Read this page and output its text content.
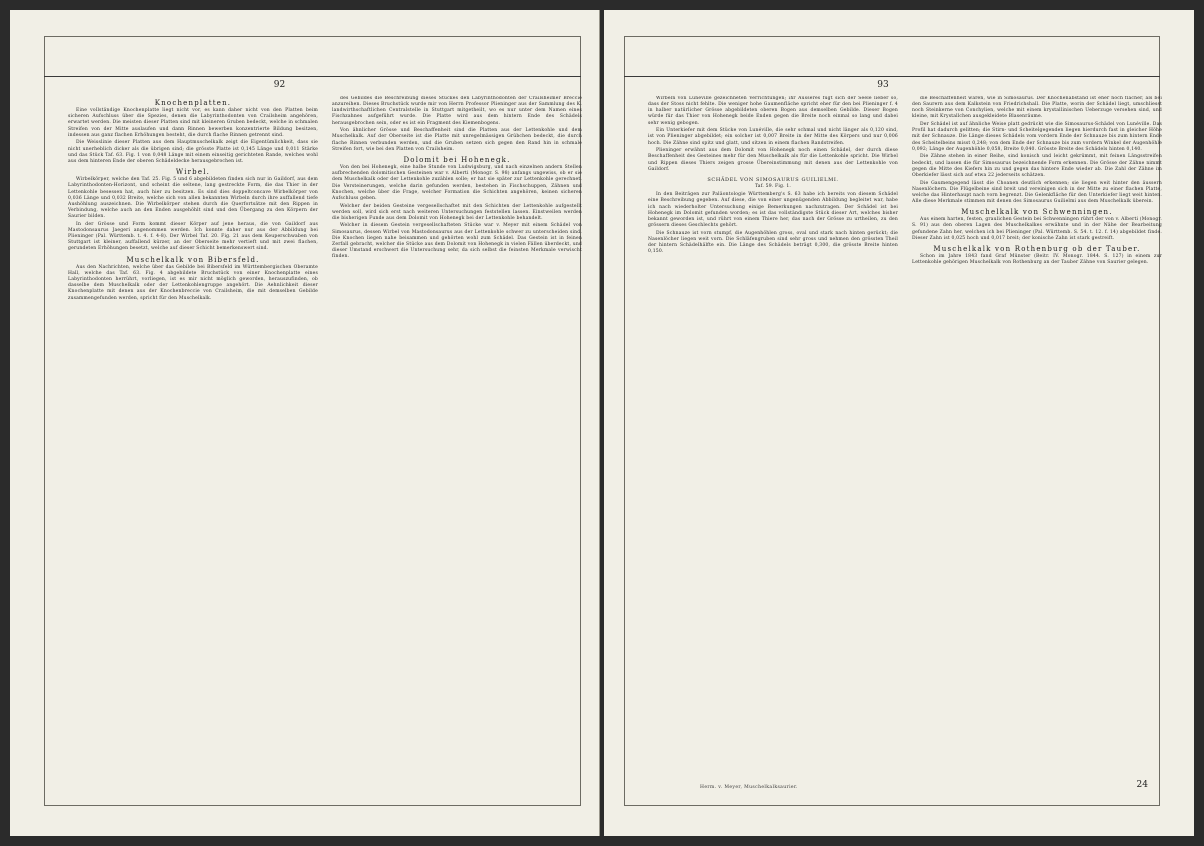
92
Knochenplatten.

Eine vollständige Knochenplatte liegt nicht vor, es kann daher nicht von den Platten beim sicheren Aufschluss über die Spezies, denen die Labyrinthodonten von Crailsheim angehören, erwartet werden. Die meisten dieser Platten sind mit kleineren Gruben bedeckt, welche in schmalen Streifen von der Mitte auslaufen und dann Rinnen bewerben konzentrierte Bildung besitzen, indessen aus ganz flachen Erhöhungen besteht, die durch flache Rinnen getrennt sind.

Die Weisslinie dieser Platten aus dem Hauptmuschelkalk zeigt die Eigentümlichkeit, dass sie nicht unerheblich dicker als die übrigen sind; die grösste Platte ist 0,145 Länge und 0,011 Stärke und das Stück Taf. 63. Fig. 1 von 0,048 Länge mit einem einseitig gerichteten Rande, welches wohl aus dem hinteren Ende der oberen Schädeldecke herausgebrochen ist.

Wirbel.

Wirbelkörper, welche den Taf. 25. Fig. 5 und 6 abgebildeten finden sich nur in Gaildorf, aus dem Labyrinthodonten-Horizont, und scheint die seltene, lang gestreckte Form, die das Thier in der Lettenkohle besessen hat, auch hier zu besitzen. Es sind dies doppeltconcave Wirbelkörper von 0,036 Länge und 0,032 Breite, welche sich von allen bekannten Wirbeln durch ihre auffallend tiefe Aushöhlung auszeichnen. Die Wirbelkörper stehen durch die Querfortsätze mit den Rippen in Verbindung, welche auch an den Enden ausgehöhlt sind und den Übergang zu den Körpern der Saurier bilden.

In der Grösse und Form kommt dieser Körper auf jene heraus, die von Gaildorf aus Mastodonsaurus Jaegeri angenommen werden. Ich konnte daher nur aus der Abbildung bei Plieninger (Pal. Württemb. t. 4. f. 4-8). Der Wirbel Taf. 20. Fig. 21 aus dem Keuperschwaben von Stuttgart ist kleiner, auffallend kürzer, an der Oberseite mehr vertieft und mit zwei flachen, gerundeten Erhöhungen besetzt, welche auf dieser Schicht bemerkenswert sind.

Muschelkalk von Bibersfeld.

Aus den Nachrichten, welche über das Gebilde bei Bibersfeld im Württembergischen Oberamte Hall, welche das Taf. 63. Fig. 4 abgebildete Bruchstück von einer Knochenplatte eines Labyrinthodonten herrührt, vorliegen, ist es mir nicht möglich geworden, herauszufinden, ob dasselbe dem Muschelkalk oder der Lettenkohlengruppe angehört. Die Aehnlichkeit dieser Knochenplatte mit denen aus der Knochenbreccie von Crailsheim, die mit demselben Gebilde zusammengefunden werden, spricht für den Muschelkalk.

des Gebildes die Beschreibung dieses Stückes den Labyrinthodonten der Crailsheimer Breccie anzureihen. Dieses Bruchstück wurde mir von Herrn Professor Plieninger aus der Sammlung des K. landwirthschaftlichen Centralstelle in Stuttgart mitgetheilt, wo es nur unter dem Namen eines Fischzahnes aufgeführt wurde. Die Platte wird aus dem hintern Ende des Schädels herausgebrochen sein, oder es ist ein Fragment des Kiemenbogens.

Von ähnlicher Grösse und Beschaffenheit sind die Platten aus der Lettenkohle und dem Muschelkalk. Auf der Oberseite ist die Platte mit unregelmässigen Grübchen bedeckt, die durch flache Rinnen verbunden werden, und die Gruben setzen sich gegen den Rand hin in schmale Streifen fort, wie bei den Platten von Crailsheim.

Dolomit bei Hohenegk.

Von den bei Hohenegk, eine halbe Stunde von Ludwigsburg, und nach einzelnen andern Stellen aufbrechenden dolomitischen Gesteinen war v. Alberti (Monogr. S. 98) anfangs ungewiss, ob er sie dem Muschelkalk oder der Lettenkohle zuzählen solle; er hat sie später zur Lettenkohle gerechnet. Die Versteinerungen, welche darin gefunden werden, bestehen in Fischschuppen, Zähnen und Knochen, welche über die Frage, welcher Formation die Schichten angehören, keinen sicheren Aufschluss geben.

Welcher der beiden Gesteine vergesellschaftet mit den Schichten der Lettenkohle aufgestellt werden soll, wird sich erst nach weiteren Untersuchungen feststellen lassen. Einstweilen werden die bisherigen Funde aus dem Dolomit von Hohenegk bei der Lettenkohle behandelt.

Welcher in diesem Gestein vergesellschafteten Stücke war v. Meyer mit einem Schädel von Simosaurus, dessen Wirbel von Mastodonsaurus aus der Lettenkohle schwer zu unterscheiden sind. Die Knochen liegen nahe beisammen und gehörten wohl zum Schädel. Das Gestein ist in feinen Zerfall gebracht, welcher die Stücke aus dem Dolomit von Hohenegk in vielen Fällen überdeckt, und dieser Umstand erschwert die Untersuchung sehr, da sich selbst die feinsten Merkmale verwischt finden.

93

Wirbeln von Lunéville gezeichneten Verrichtungen; ihr Ausseres fügt sich der Seele lieber so, dass der Stoss nicht fehlte. Die weniger hohe Gaumenfläche spricht eher für den bei Plieninger f. 4 in halber natürlicher Grösse abgebildeten oberen Bogen aus demselben Gebilde. Dieser Bogen würde für das Thier von Hohenegk beide Enden gegen die Breite noch einmal so lang und dabei sehr wenig gebogen.

Ein Unterkiefer mit dem Stücke von Lunéville, die sehr schmal und nicht länger als 0,120 sind, ist von Plieninger abgebildet; ein solcher ist 0,007 Breite in der Mitte des Körpers und nur 0,006 hoch. Die Zähne sind spitz und glatt, und sitzen in einem flachen Randstreifen.

Plieninger erwähnt aus dem Dolomit von Hohenegk noch einen Schädel, der durch diese Beschaffenheit des Gesteines mehr für den Muschelkalk als für die Lettenkohle spricht. Die Wirbel und Rippen dieses Thiers zeigen grosse Übereinstimmung mit denen aus der Lettenkohle von Gaildorf.

SCHÄDEL VON SIMOSAURUS GUILIELMI.
Taf. 59. Fig. 1.

In den Beiträgen zur Paläontologie Württemberg's S. 63 habe ich bereits von diesem Schädel eine Beschreibung gegeben. Auf diese, die von einer ungenügenden Abbildung begleitet war, habe ich nach wiederholter Untersuchung einige Bemerkungen nachzutragen. Der Schädel ist bei Hohenegk im Dolomit gefunden worden; es ist das vollständigste Stück dieser Art, welches bisher bekannt geworden ist, und rührt von einem Thiere her, das nach der Grösse zu urtheilen, zu den grössern dieses Geschlechts gehört.

Die Schnauze ist vorn stumpf, die Augenhöhlen gross, oval und stark nach hinten gerückt; die Nasenlöcher liegen weit vorn. Die Schläfengruben sind sehr gross und nehmen den grössten Theil der hintern Schädelhälfte ein. Die Länge des Schädels beträgt 0,300, die grösste Breite hinten 0,150.

die Beschaffenheit wären, wie in Simosaurus. Der Knochenabstand ist eher noch flacher, als bei den Saurern aus dem Kalkstein von Friedrichshall. Die Platte, worin der Schädel liegt, umschliesst noch Steinkerne von Conchylien, welche mit einem krystallinischen Ueberzuge versehen sind, und kleine, mit Krystallchen ausgekleidete Blasenräume.

Der Schädel ist auf ähnliche Weise platt gedrückt wie die Simosaurus-Schädel von Lunéville. Das Profil hat dadurch gelitten; die Stirn- und Scheitelgegenden liegen hierdurch fast in gleicher Höhe mit der Schnauze. Die Länge dieses Schädels vom vordern Ende der Schnauze bis zum hintern Ende des Scheitelbeins misst 0,248; von dem Ende der Schnauze bis zum vordern Winkel der Augenhöhle 0,092; Länge der Augenhöhle 0,058, Breite 0,040. Grösste Breite des Schädels hinten 0,140.

Die Zähne stehen in einer Reihe, sind konisch und leicht gekrümmt, mit feinen Längsstreifen bedeckt, und lassen die für Simosaurus bezeichnende Form erkennen. Die Grösse der Zähne nimmt gegen die Mitte des Kiefers hin zu und gegen das hintere Ende wieder ab. Die Zahl der Zähne im Oberkiefer lässt sich auf etwa 22 jederseits schätzen.

Die Gaumengegend lässt die Choanen deutlich erkennen; sie liegen weit hinter den äussern Nasenlöchern. Die Flügelbeine sind breit und vereinigen sich in der Mitte zu einer flachen Platte, welche das Hinterhaupt nach vorn begrenzt. Die Gelenkfläche für den Unterkiefer liegt weit hinten. Alle diese Merkmale stimmen mit denen des Simosaurus Guilielmi aus dem Muschelkalk überein.

Muschelkalk von Schwenningen.

Aus einem harten, festen, graulichen Gestein bei Schwenningen rührt der von v. Alberti (Monogr. S. 91) aus den oberen Lagen des Muschelkalkes erwähnte und in der Nähe der Bearbeitung gefundene Zahn her, welchen ich bei Plieninger (Pal. Württemb. S. 54. t. 12. f. 14) abgebildet finde. Dieser Zahn ist 0,025 hoch und 0,017 breit; der konische Zahn ist stark gestreift.

Muschelkalk von Rothenburg ob der Tauber.

Schon im Jahre 1843 fand Graf Münster (Beitr. IV. Monogr. 1844. S. 127) in einem zur Lettenkohle gehörigen Muschelkalk von Rothenburg an der Tauber Zähne von Saurier gelegen.

Herm. v. Meyer, Muschelkalksaurier.	24
